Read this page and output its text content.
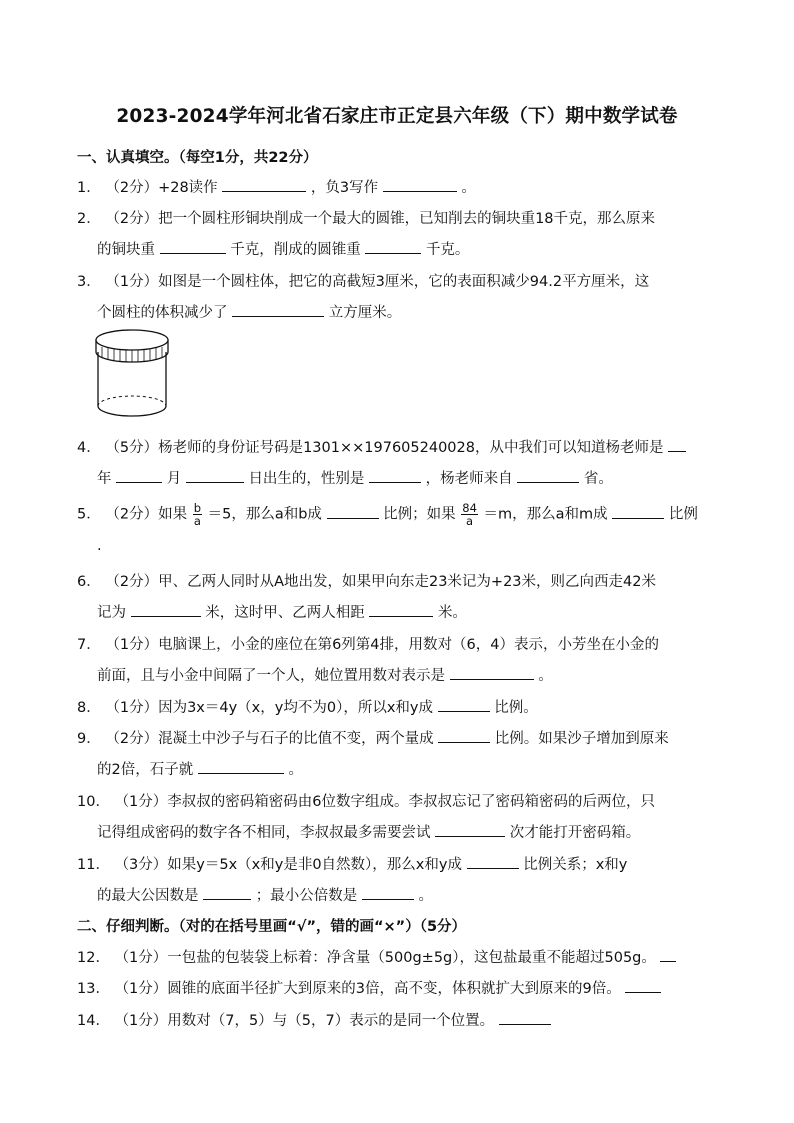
2023-2024学年河北省石家庄市正定县六年级（下）期中数学试卷
一、认真填空。（每空1分，共22分）
1． （2分）+28读作	，负3写作	。
2． （2分）把一个圆柱形铜块削成一个最大的圆锥，已知削去的铜块重18千克，那么原来
的铜块重	千克，削成的圆锥重	千克。
3． （1分）如图是一个圆柱体，把它的高截短3厘米，它的表面积减少94.2平方厘米，这
个圆柱的体积减少了	立方厘米。
4． （5分）杨老师的身份证号码是1301××197605240028，从中我们可以知道杨老师是
年	月	日出生的，性别是	，杨老师来自	省。
5． （2分）如果 $\frac{b}{a} =5$，那么a和b成	比例；如果 $\frac{84}{a} =m$，那么a和m成	比例
.
6． （2分）甲、乙两人同时从A地出发，如果甲向东走23米记为+23米，则乙向西走42米
记为	米，这时甲、乙两人相距	米。
7． （1分）电脑课上，小金的座位在第6列第4排，用数对（6，4）表示，小芳坐在小金的
前面，且与小金中间隔了一个人，她位置用数对表示是	。
8． （1分）因为3x＝4y（x，y均不为0），所以x和y成	比例。
9． （2分）混凝土中沙子与石子的比值不变，两个量成	比例。如果沙子增加到原来
的2倍，石子就	。
10． （1分）李叔叔的密码箱密码由6位数字组成。李叔叔忘记了密码箱密码的后两位，只
记得组成密码的数字各不相同，李叔叔最多需要尝试	次才能打开密码箱。
11． （3分）如果y＝5x（x和y是非0自然数），那么x和y成	比例关系；x和y
的最大公因数是	；最小公倍数是	。
二、仔细判断。（对的在括号里画“√”，错的画“×”）（5分）
12． （1分）一包盐的包装袋上标着：净含量（500g±5g），这包盐最重不能超过505g。
13． （1分）圆锥的底面半径扩大到原来的3倍，高不变，体积就扩大到原来的9倍。
14． （1分）用数对（7，5）与（5，7）表示的是同一个位置。
